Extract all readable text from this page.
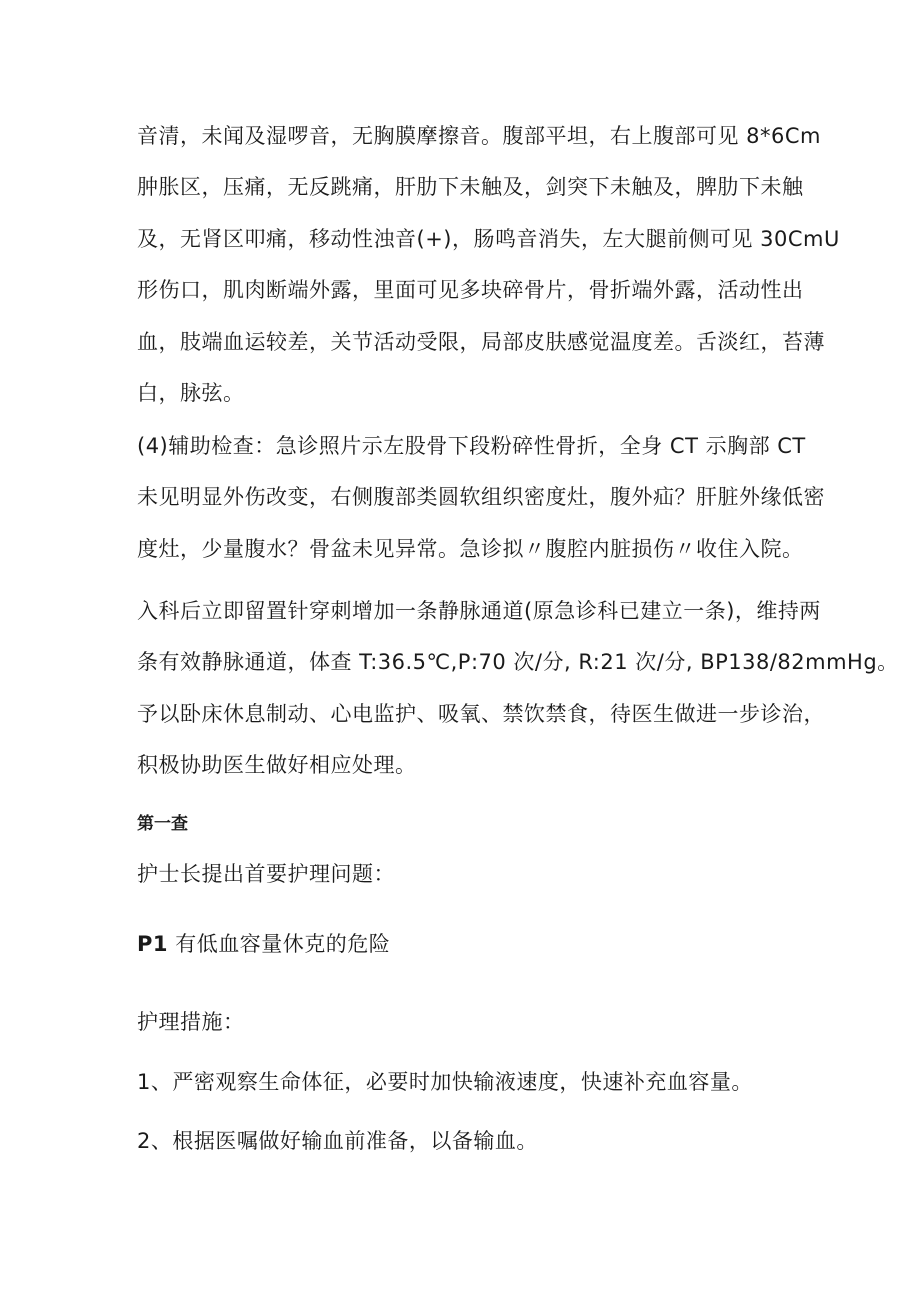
音清，未闻及湿啰音，无胸膜摩擦音。腹部平坦，右上腹部可见 8*6Cm
肿胀区，压痛，无反跳痛，肝肋下未触及，剑突下未触及，脾肋下未触
及，无肾区叩痛，移动性浊音(+)，肠鸣音消失，左大腿前侧可见 30CmU
形伤口，肌肉断端外露，里面可见多块碎骨片，骨折端外露，活动性出
血，肢端血运较差，关节活动受限，局部皮肤感觉温度差。舌淡红，苔薄
白，脉弦。
(4)辅助检查：急诊照片示左股骨下段粉碎性骨折，全身 CT 示胸部 CT
未见明显外伤改变，右侧腹部类圆软组织密度灶，腹外疝？肝脏外缘低密
度灶，少量腹水？骨盆未见异常。急诊拟〃腹腔内脏损伤〃收住入院。
入科后立即留置针穿刺增加一条静脉通道(原急诊科已建立一条)，维持两
条有效静脉通道，体查 T:36.5℃,P:70 次/分, R:21 次/分, BP138/82mmHg。
予以卧床休息制动、心电监护、吸氧、禁饮禁食，待医生做进一步诊治，
积极协助医生做好相应处理。
第一查
护士长提出首要护理问题：
P1 有低血容量休克的危险
护理措施：
1、严密观察生命体征，必要时加快输液速度，快速补充血容量。
2、根据医嘱做好输血前准备，以备输血。
